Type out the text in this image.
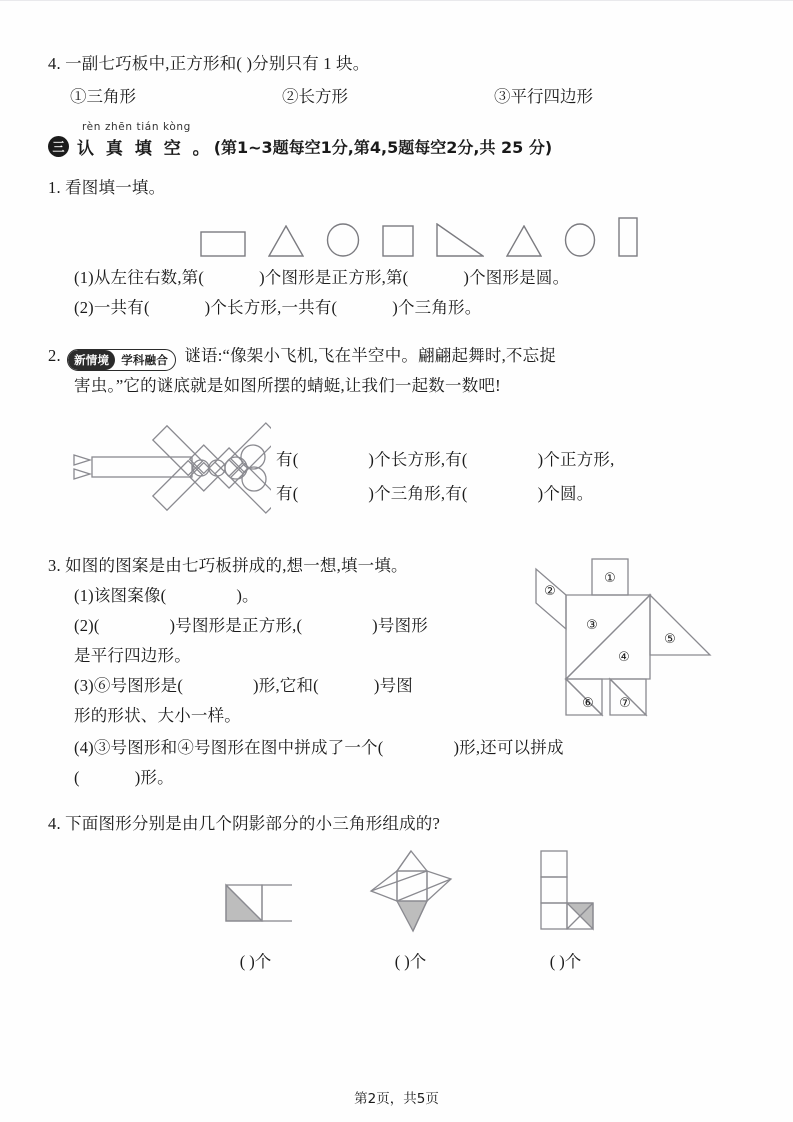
4. 一副七巧板中,正方形和( )分别只有 1 块。
①三角形	②长方形	③平行四边形
rèn zhēn tián kòng
三 认 真 填 空 。 (第1~3题每空1分,第4,5题每空2分,共 25 分)
1. 看图填一填。
(1)从左往右数,第(	)个图形是正方形,第(	)个图形是圆。
(2)一共有(	)个长方形,一共有(	)个三角形。
2.	新情境	学科融合 谜语:“像架小飞机,飞在半空中。翩翩起舞时,不忘捉
害虫。”它的谜底就是如图所摆的蜻蜓,让我们一起数一数吧!
有(	)个长方形,有(	)个正方形,
有(	)个三角形,有(	)个圆。
①
②
③
④
⑤
⑥ ⑦
3. 如图的图案是由七巧板拼成的,想一想,填一填。
(1)该图案像(	)。
(2)(	)号图形是正方形,(	)号图形
是平行四边形。
(3)⑥号图形是(	)形,它和(	)号图
形的形状、大小一样。
(4)③号图形和④号图形在图中拼成了一个(	)形,还可以拼成
(	)形。
4. 下面图形分别是由几个阴影部分的小三角形组成的?
( )个	( )个	( )个
第2页，共5页
